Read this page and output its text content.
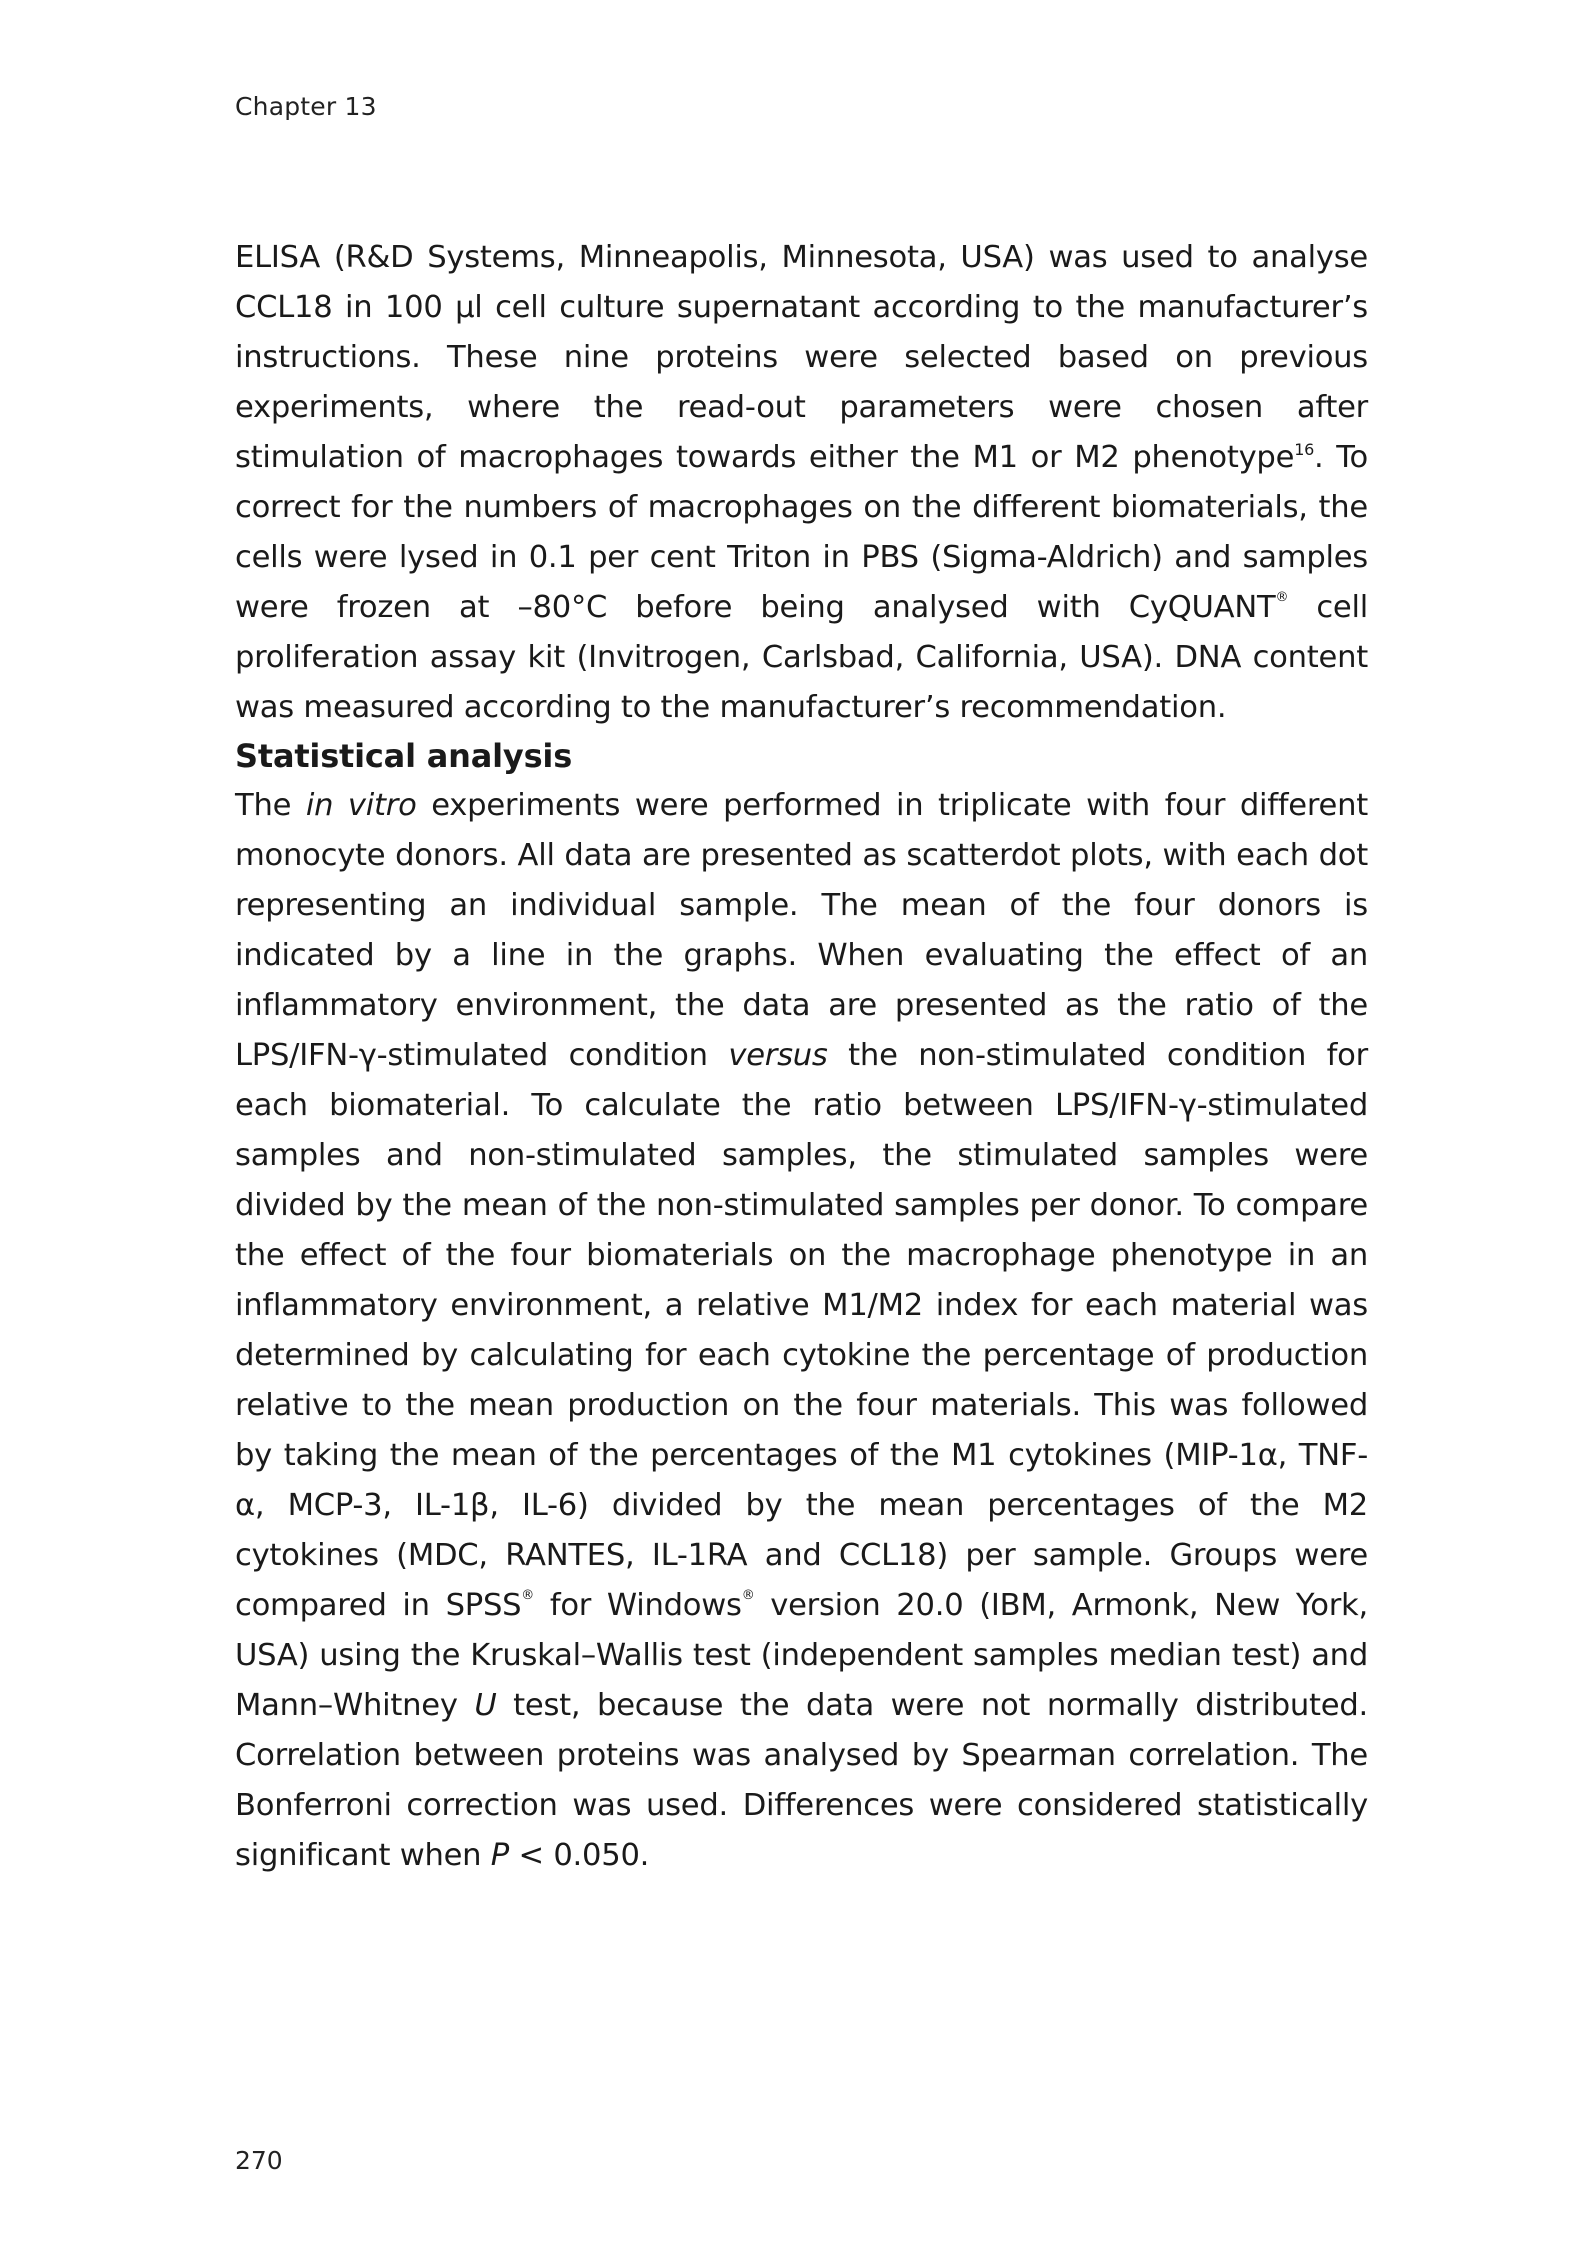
Chapter 13
ELISA (R&D Systems, Minneapolis, Minnesota, USA) was used to analyse CCL18 in 100 µl cell culture supernatant according to the manufacturer’s instructions. These nine proteins were selected based on previous experiments, where the read-out parameters were chosen after stimulation of macrophages towards either the M1 or M2 phenotype$^{16}$. To correct for the numbers of macrophages on the different biomaterials, the cells were lysed in 0.1 per cent Triton in PBS (Sigma-Aldrich) and samples were frozen at –80°C before being analysed with CyQUANT® cell proliferation assay kit (Invitrogen, Carlsbad, California, USA). DNA content was measured according to the manufacturer’s recommendation.
Statistical analysis
The in vitro experiments were performed in triplicate with four different monocyte donors. All data are presented as scatterdot plots, with each dot representing an individual sample. The mean of the four donors is indicated by a line in the graphs. When evaluating the effect of an inflammatory environment, the data are presented as the ratio of the LPS/IFN-γ-stimulated condition versus the non-stimulated condition for each biomaterial. To calculate the ratio between LPS/IFN-γ-stimulated samples and non-stimulated samples, the stimulated samples were divided by the mean of the non-stimulated samples per donor. To compare the effect of the four biomaterials on the macrophage phenotype in an inflammatory environment, a relative M1/M2 index for each material was determined by calculating for each cytokine the percentage of production relative to the mean production on the four materials. This was followed by taking the mean of the percentages of the M1 cytokines (MIP-1α, TNF-α, MCP-3, IL-1β, IL-6) divided by the mean percentages of the M2 cytokines (MDC, RANTES, IL-1RA and CCL18) per sample. Groups were compared in SPSS® for Windows® version 20.0 (IBM, Armonk, New York, USA) using the Kruskal–Wallis test (independent samples median test) and Mann–Whitney U test, because the data were not normally distributed. Correlation between proteins was analysed by Spearman correlation. The Bonferroni correction was used. Differences were considered statistically significant when P < 0.050.
270
